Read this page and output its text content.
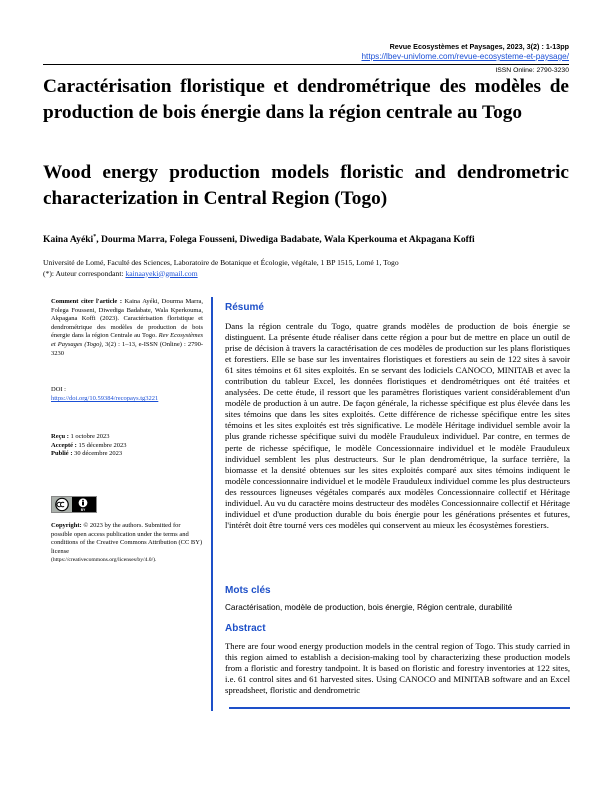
Revue Ecosystèmes et Paysages, 2023, 3(2) : 1-13pp
https://lbev-univlome.com/revue-ecosysteme-et-paysage/
ISSN Online: 2790-3230
Caractérisation floristique et dendrométrique des modèles de production de bois énergie dans la région centrale au Togo
Wood energy production models floristic and dendrometric characterization in Central Region (Togo)
Kaina Ayéki*, Dourma Marra, Folega Fousseni, Diwediga Badabate, Wala Kperkouma et Akpagana Koffi
Université de Lomé, Faculté des Sciences, Laboratoire de Botanique et Écologie, végétale, 1 BP 1515, Lomé 1, Togo
(*): Auteur correspondant: kainaayeki@gmail.com
Comment citer l'article : Kaina Ayéki, Dourma Marra, Folega Fousseni, Diwediga Badabate, Wala Kperkouma, Akpagana Koffi (2023). Caractérisation floristique et dendrométrique des modèles de production de bois énergie dans la région Centrale au Togo. Rev Ecosystèmes et Paysages (Togo), 3(2) : 1–13, e-ISSN (Online) : 2790-3230
DOI :
https://doi.org/10.59384/recopays.tg3221
Reçu : 1 octobre 2023
Accepté : 15 décembre 2023
Publié : 30 décembre 2023
BY
Copyright: © 2023 by the authors. Submitted for possible open access publication under the terms and conditions of the Creative Commons Attribution (CC BY) license
(https://creativecommons.org/licenses/by/4.0/).
Résumé
Dans la région centrale du Togo, quatre grands modèles de production de bois énergie se distinguent. La présente étude réaliser dans cette région a pour but de mettre en place un outil de prise de décision à travers la caractérisation de ces modèles de production sur les plans floristiques et forestiers. Elle se base sur les inventaires floristiques et forestiers au sein de 122 sites à savoir 61 sites témoins et 61 sites exploités. En se servant des lodiciels CANOCO, MINITAB et avec la contribution du tableur Excel, les données floristiques et dendrométriques ont été traitées et analysées. De cette étude, il ressort que les paramètres floristiques varient considérablement d'un modèle de production à un autre. De façon générale, la richesse spécifique est plus élevée dans les sites témoins que dans les sites exploités. Cette différence de richesse spécifique entre les sites témoins et les sites exploités est très significative. Le modèle Héritage individuel semble avoir la plus grande richesse spécifique suivi du modèle Frauduleux individuel. Par contre, en termes de perte de richesse spécifique, le modèle Concessionnaire individuel et le modèle Frauduleux individuel semblent les plus destructeurs. Sur le plan dendrométrique, la surface terrière, la biomasse et la densité obtenues sur les sites exploités comparé aux sites témoins indiquent le modèle concessionnaire individuel et le modèle Frauduleux individuel comme les plus destructeurs des ressources ligneuses végétales comparés aux modèles Concessionnaire collectif et Héritage individuel. Au vu du caractère moins destructeur des modèles Concessionnaire collectif et Héritage individuel et d'une production durable du bois énergie pour les générations présentes et futures, l'intérêt doit être tourné vers ces modèles qui conservent au mieux les écosystèmes forestiers.
Mots clés
Caractérisation, modèle de production, bois énergie, Région centrale, durabilité
Abstract
There are four wood energy production models in the central region of Togo. This study carried in this region aimed to establish a decision-making tool by characterizing these production models from a floristic and forestry tandpoint. It is based on floristic and forestry inventories at 122 sites, i.e. 61 control sites and 61 harvested sites. Using CANOCO and MINITAB software and an Excel spreadsheet, floristic and dendrometric
